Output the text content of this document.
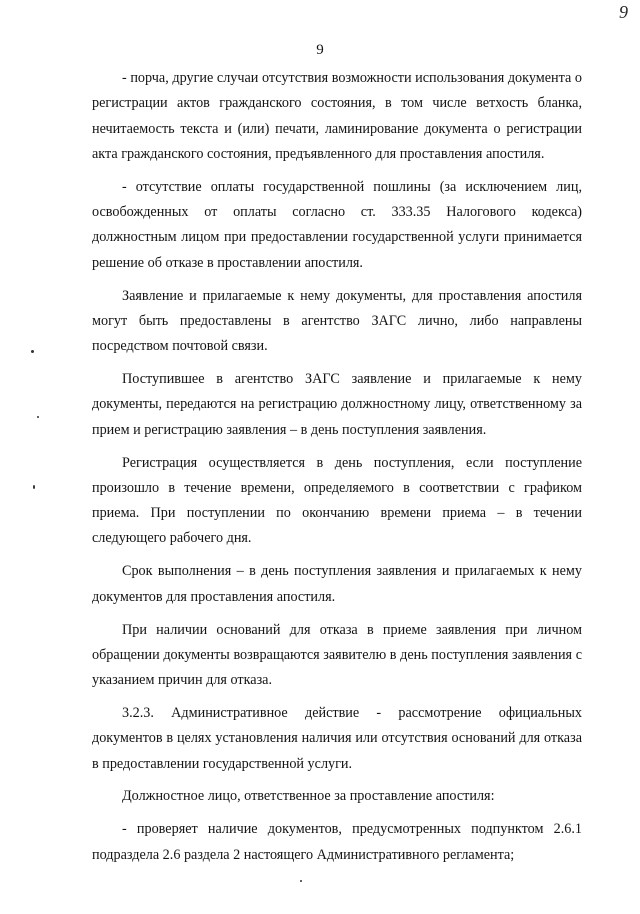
9
9

- порча, другие случаи отсутствия возможности использования документа о регистрации актов гражданского состояния, в том числе ветхость бланка, нечитаемость текста и (или) печати, ламинирование документа о регистрации акта гражданского состояния, предъявленного для проставления апостиля.

- отсутствие оплаты государственной пошлины (за исключением лиц, освобожденных от оплаты согласно ст. 333.35 Налогового кодекса) должностным лицом при предоставлении государственной услуги принимается решение об отказе в проставлении апостиля.

Заявление и прилагаемые к нему документы, для проставления апостиля могут быть предоставлены в агентство ЗАГС лично, либо направлены посредством почтовой связи.

Поступившее в агентство ЗАГС заявление и прилагаемые к нему документы, передаются на регистрацию должностному лицу, ответственному за прием и регистрацию заявления – в день поступления заявления.

Регистрация осуществляется в день поступления, если поступление произошло в течение времени, определяемого в соответствии с графиком приема. При поступлении по окончанию времени приема – в течении следующего рабочего дня.

Срок выполнения – в день поступления заявления и прилагаемых к нему документов для проставления апостиля.

При наличии оснований для отказа в приеме заявления при личном обращении документы возвращаются заявителю в день поступления заявления с указанием причин для отказа.

3.2.3. Административное действие - рассмотрение официальных документов в целях установления наличия или отсутствия оснований для отказа в предоставлении государственной услуги.

Должностное лицо, ответственное за проставление апостиля:

- проверяет наличие документов, предусмотренных подпунктом 2.6.1 подраздела 2.6 раздела 2 настоящего Административного регламента;
